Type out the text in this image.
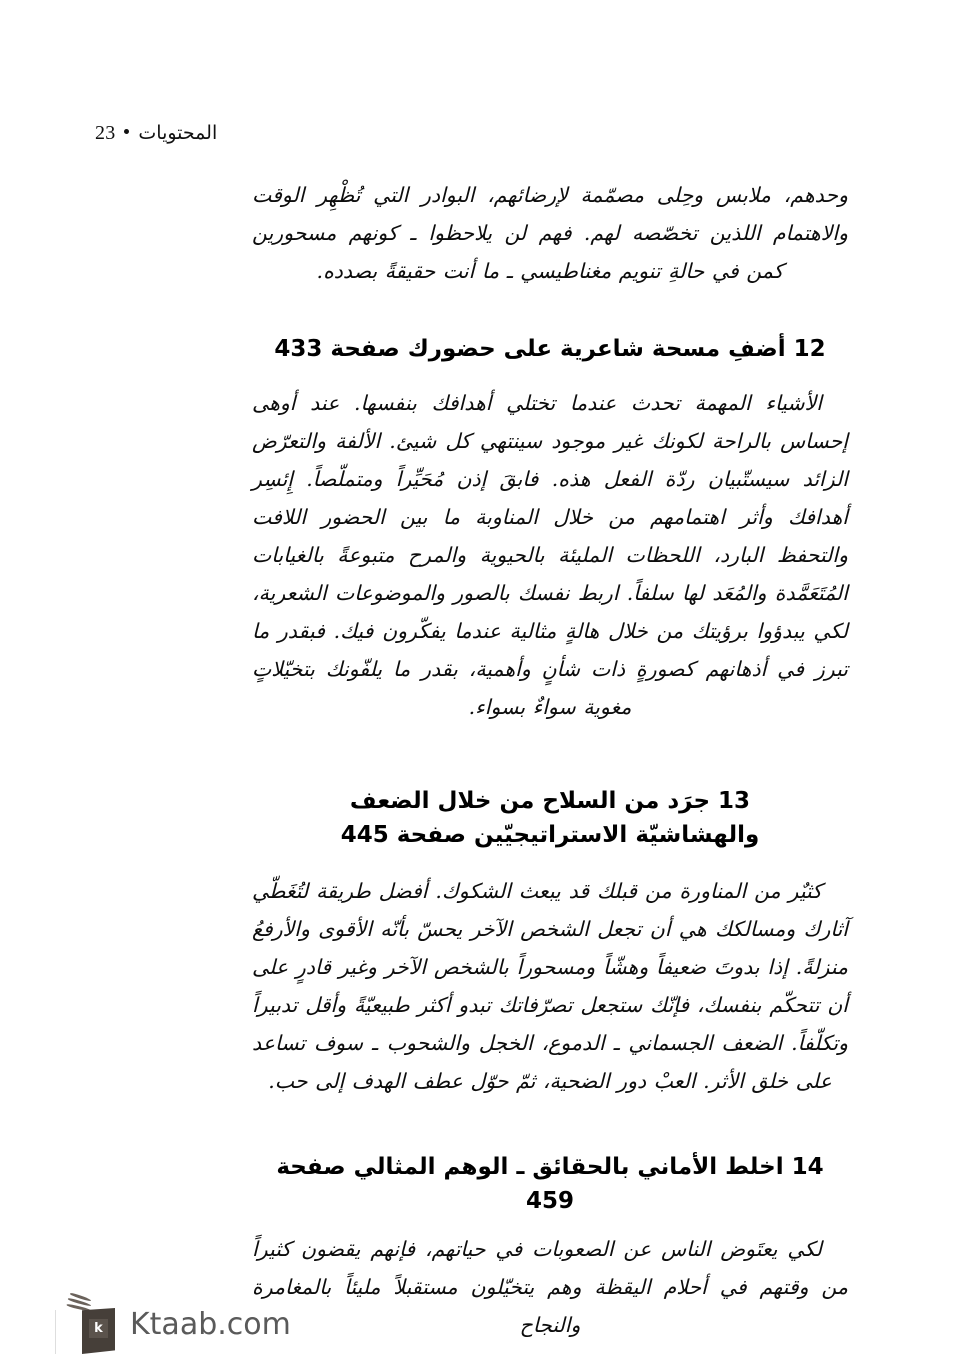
23 المحتويات

وحدهم، ملابس وحِلى مصمّمة لإرضائهم، البوادر التي تُظْهِر الوقت والاهتمام اللذين تخصّصه لهم. فهم لن يلاحظوا ـ كونهم مسحورين كمن في حالةِ تنويم مغناطيسي ـ ما أنت حقيقةً بصدده.

12 أضفِ مسحة شاعرية على حضورك صفحة 433

الأشياء المهمة تحدث عندما تختلي أهدافك بنفسها. عند أوهى إحساس بالراحة لكونك غير موجود سينتهي كل شيئ. الألفة والتعرّض الزائد سيستّبيان ردّة الفعل هذه. فابقَ إذن مُحَيِّراً ومتملّصاً. إِئسِر أهدافك وأثر اهتمامهم من خلال المناوبة ما بين الحضور اللافت والتحفظ البارد، اللحظات المليئة بالحيوية والمرح متبوعةً بالغيابات المُتَعَمَّدة والمُعَد لها سلفاً. اربط نفسك بالصور والموضوعات الشعرية، لكي يبدؤوا برؤيتك من خلال هالةٍ مثالية عندما يفكّرون فيك. فبقدر ما تبرز في أذهانهم كصورةٍ ذات شأنٍ وأهمية، بقدر ما يلفّونك بتخيّلاتٍ مغوية سواءٌ بسواء.

13 جرَد من السلاح من خلال الضعف
والهشاشيّة الاستراتيجيّين صفحة 445

كثيٌر من المناورة من قبلك قد يبعث الشكوك. أفضل طريقة لتُغَطّي آثارك ومسالكك هي أن تجعل الشخص الآخر يحسّ بأنّه الأقوى والأرفعُ منزلةً. إذا بدوتَ ضعيفاً وهشّاً ومسحوراً بالشخص الآخر وغير قادرٍ على أن تتحكّم بنفسك، فإنّك ستجعل تصرّفاتك تبدو أكثر طبيعيّةً وأقل تدبيراً وتكلّفاً. الضعف الجسماني ـ الدموع، الخجل والشحوب ـ سوف تساعد على خلق الأثر. العبْ دور الضحية، ثمّ حوّل عطف الهدف إلى حب.

14 اخلط الأماني بالحقائق ـ الوهم المثالي صفحة 459

لكي يعتَوض الناس عن الصعوبات في حياتهم، فإنهم يقضون كثيراً من وقتهم في أحلام اليقظة وهم يتخيّلون مستقبلاً مليئاً بالمغامرة والنجاح

k Ktaab.com
